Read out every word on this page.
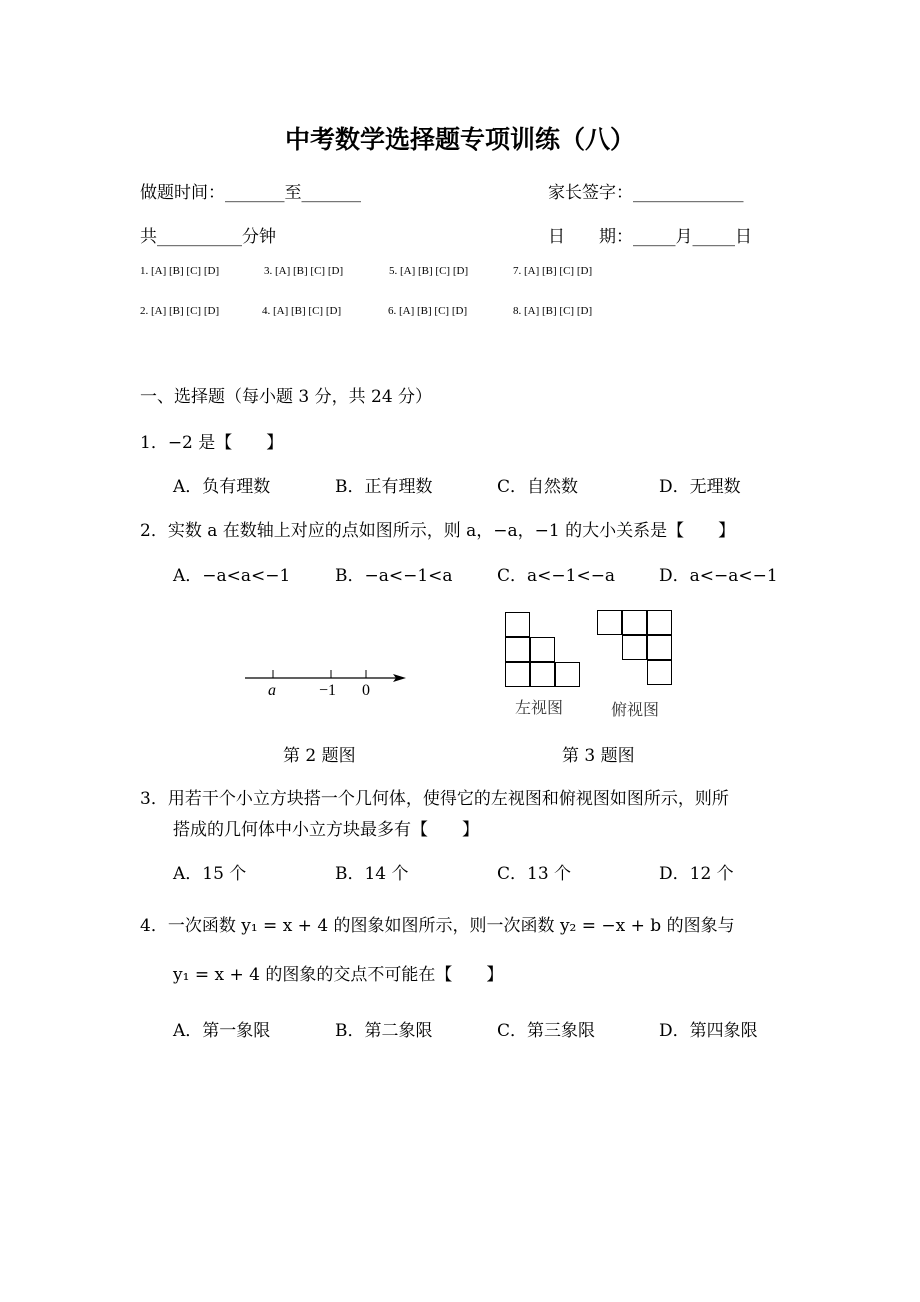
中考数学选择题专项训练（八）
做题时间：_______至_______	家长签字：_____________
共__________分钟	日　　期：_____月_____日
1. [A] [B] [C] [D]	3. [A] [B] [C] [D]	5. [A] [B] [C] [D]	7. [A] [B] [C] [D]
2. [A] [B] [C] [D]	4. [A] [B] [C] [D]	6. [A] [B] [C] [D]	8. [A] [B] [C] [D]
一、选择题（每小题 3 分，共 24 分）
1．−2 是【　　】
A．负有理数	B．正有理数	C．自然数	D．无理数
2．实数 a 在数轴上对应的点如图所示，则 a，−a，−1 的大小关系是【　　】
A．−a<a<−1	B．−a<−1<a	C．a<−1<−a	D．a<−a<−1
a	−1 0
第 2 题图
左视图	俯视图
第 3 题图
3．用若干个小立方块搭一个几何体，使得它的左视图和俯视图如图所示，则所
搭成的几何体中小立方块最多有【　　】
A．15 个	B．14 个	C．13 个	D．12 个
4．一次函数 y₁ = x + 4 的图象如图所示，则一次函数 y₂ = −x + b 的图象与
y₁ = x + 4 的图象的交点不可能在【　　】
A．第一象限	B．第二象限	C．第三象限	D．第四象限
